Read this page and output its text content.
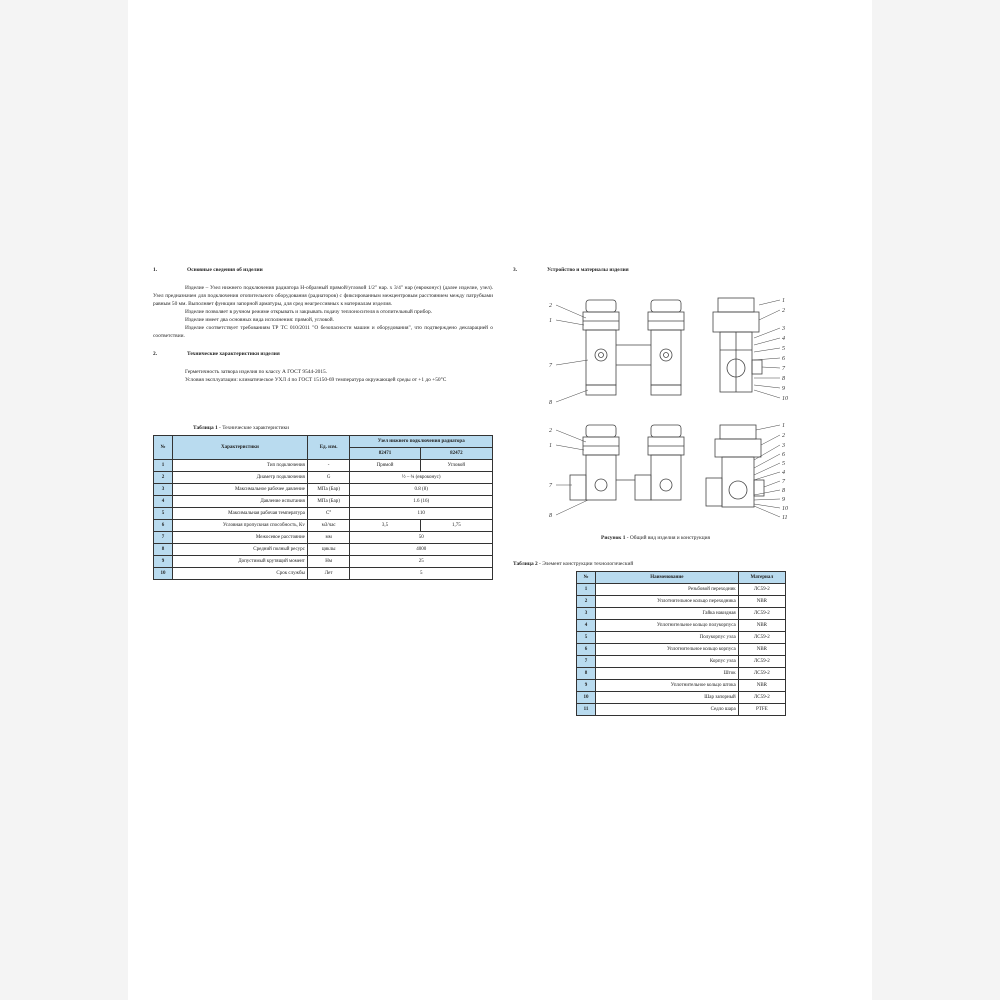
1.	Основные сведения об изделии

Изделие – Узел нижнего подключения радиатора Н-образный прямой/угловой 1/2" нар. х 3/4" нар (евроконус) (далее изделие, узел). Узел предназначен для подключения отопительного оборудования (радиаторов) с фиксированным межцентровым расстоянием между патрубками равным 50 мм. Выполняет функции запорной арматуры, для сред неагрессивных к материалам изделия.

Изделие позволяет в ручном режиме открывать и закрывать подачу теплоносителя в отопительный прибор.

Изделие имеет два основных вида исполнения: прямой, угловой.

Изделие соответствует требованиям ТР ТС 010/2011 "О безопасности машин и оборудования", что подтверждено декларацией о соответствии.

2.	Технические характеристики изделия

Герметичность затвора изделия по классу А ГОСТ 9544-2015.

Условия эксплуатации: климатическое УХЛ 4 по ГОСТ 15150-69 температура окружающей среды от +1 до +50°С

Таблица 1 - Технические характеристики
№	Характеристики	Ед. изм.	Узел нижнего подключения радиатора	
			82471	82472
1	Тип подключения	-	Прямой	Угловой
2	Диаметр подключения	G	½ – ¾ (евроконус)	
3	Максимальное рабочее давление	МПа (Бар)	0.8 (8)	
4	Давление испытания	МПа (Бар)	1.6 (16)	
5	Максимальная рабочая температура	С°	110	
6	Условная пропускная способность, Кv	м3/час	3,5	1,75
7	Межосевое расстояние	мм	50	
8	Средний полный ресурс	циклы	4000	
9	Допустимый крутящий момент	Нм	25	
10	Срок службы	Лет	5	
3.	Устройство и материалы изделия
2
1
7
8
2
1
7
8
1
2
3
4
5
6
7
8
9
10
1
2
3
6
5
4
7
8
9
10
11
Рисунок 1 - Общий вид изделия и конструкция
Таблица 2 - Элемент конструкции технологический
№	Наименование	Материал
1	Резьбовой переходник	ЛС59-2
2	Уплотнительное кольцо переходника	NBR
3	Гайка накидная	ЛС59-2
4	Уплотнительное кольцо полукорпуса	NBR
5	Полукорпус узла	ЛС59-2
6	Уплотнительное кольцо корпуса	NBR
7	Корпус узла	ЛС59-2
8	Шток	ЛС59-2
9	Уплотнительное кольцо штока	NBR
10	Шар запорный	ЛС59-2
11	Седло шара	PTFE
